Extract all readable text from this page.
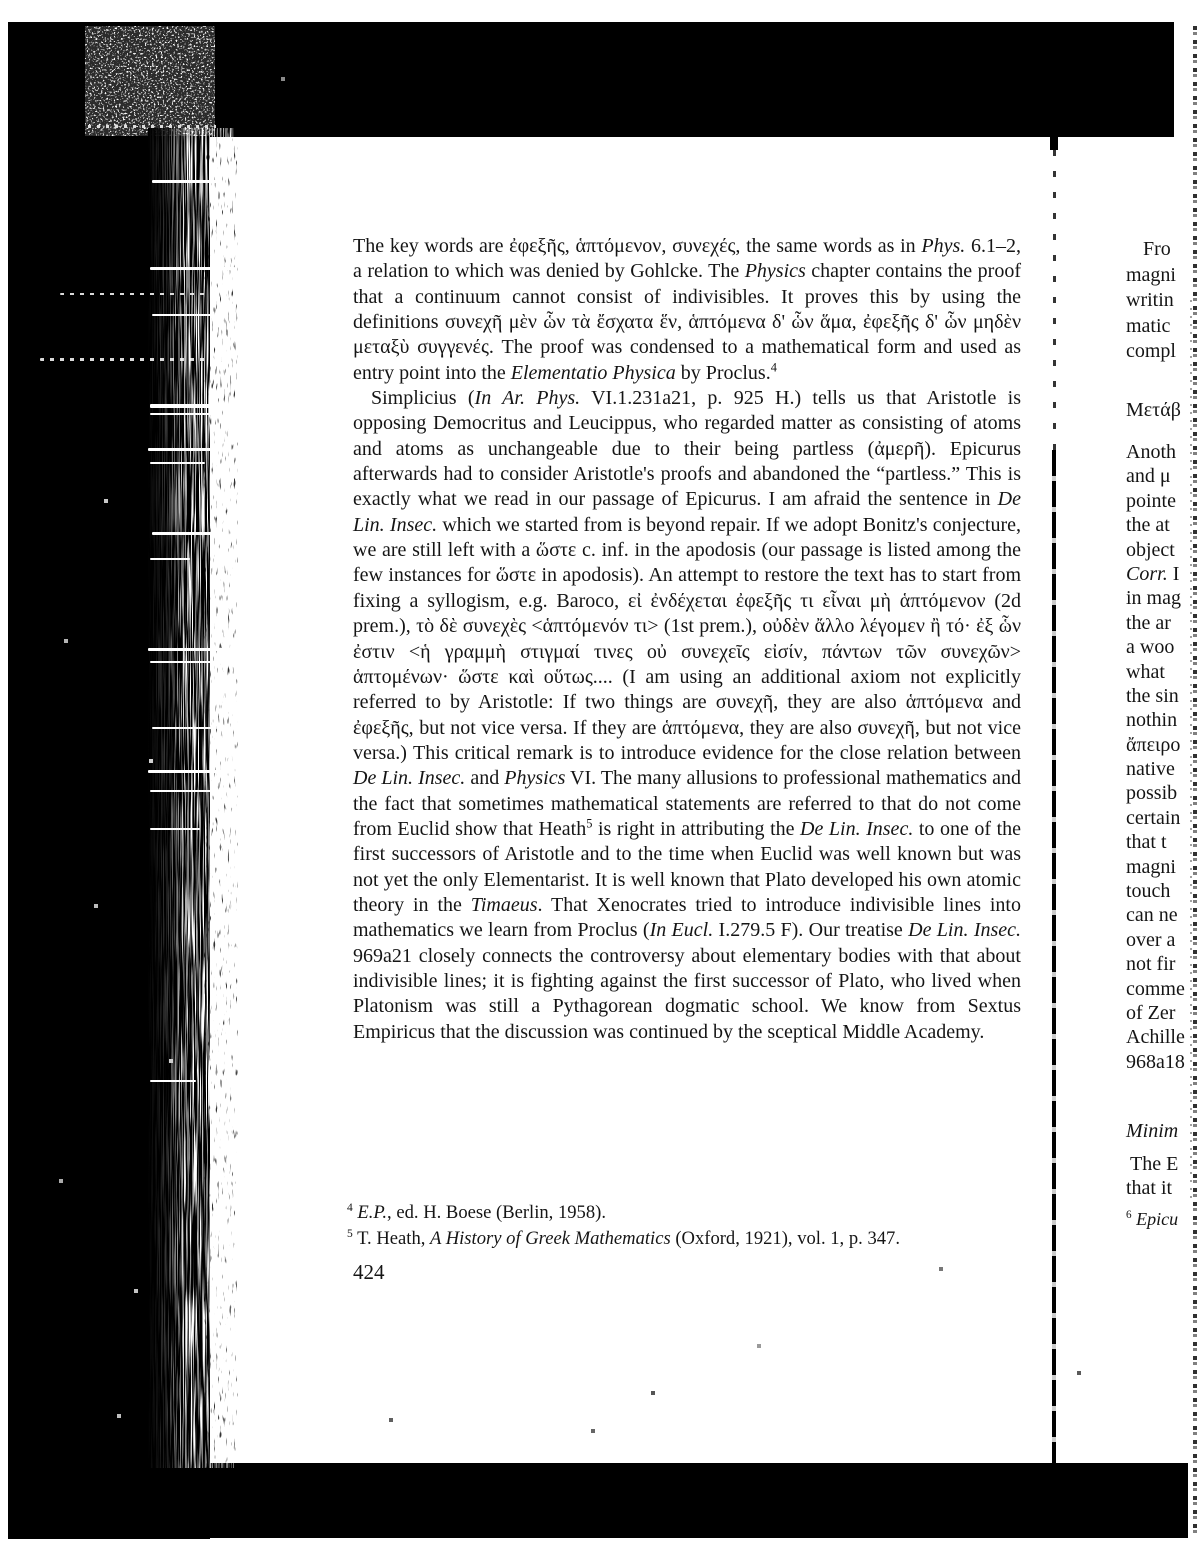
The key words are ἐφεξῆς, ἁπτόμενον, συνεχές, the same words as in Phys. 6.1–2, a relation to which was denied by Gohlcke. The Physics chapter contains the proof that a continuum cannot consist of indivisibles. It proves this by using the definitions συνεχῆ μὲν ὧν τὰ ἔσχατα ἕν, ἁπτόμενα δ' ὧν ἅμα, ἐφεξῆς δ' ὧν μηδὲν μεταξὺ συγγενές. The proof was condensed to a mathematical form and used as entry point into the Elementatio Physica by Proclus.$^4$

Simplicius (In Ar. Phys. VI.1.231a21, p. 925 H.) tells us that Aristotle is opposing Democritus and Leucippus, who regarded matter as consisting of atoms and atoms as unchangeable due to their being partless (ἀμερῆ). Epicurus afterwards had to consider Aristotle's proofs and abandoned the “partless.” This is exactly what we read in our passage of Epicurus. I am afraid the sentence in De Lin. Insec. which we started from is beyond repair. If we adopt Bonitz's conjecture, we are still left with a ὥστε c. inf. in the apodosis (our passage is listed among the few instances for ὥστε in apodosis). An attempt to restore the text has to start from fixing a syllogism, e.g. Baroco, εἰ ἐνδέχεται ἐφεξῆς τι εἶναι μὴ ἁπτόμενον (2d prem.), τὸ δὲ συνεχὲς <ἁπτόμενόν τι> (1st prem.), οὐδὲν ἄλλο λέγομεν ἢ τό· ἐξ ὧν ἐστιν <ἡ γραμμὴ στιγμαί τινες οὐ συνεχεῖς εἰσίν, πάντων τῶν συνεχῶν> ἁπτομένων· ὥστε καὶ οὕτως.... (I am using an additional axiom not explicitly referred to by Aristotle: If two things are συνεχῆ, they are also ἁπτόμενα and ἐφεξῆς, but not vice versa. If they are ἁπτόμενα, they are also συνεχῆ, but not vice versa.) This critical remark is to introduce evidence for the close relation between De Lin. Insec. and Physics VI. The many allusions to professional mathematics and the fact that sometimes mathematical statements are referred to that do not come from Euclid show that Heath$^5$ is right in attributing the De Lin. Insec. to one of the first successors of Aristotle and to the time when Euclid was well known but was not yet the only Elementarist. It is well known that Plato developed his own atomic theory in the Timaeus. That Xenocrates tried to introduce indivisible lines into mathematics we learn from Proclus (In Eucl. I.279.5 F). Our treatise De Lin. Insec. 969a21 closely connects the controversy about elementary bodies with that about indivisible lines; it is fighting against the first successor of Plato, who lived when Platonism was still a Pythagorean dogmatic school. We know from Sextus Empiricus that the discussion was continued by the sceptical Middle Academy.

$^4$ E.P., ed. H. Boese (Berlin, 1958).
$^5$ T. Heath, A History of Greek Mathematics (Oxford, 1921), vol. 1, p. 347.
424
Fro
magni
writin
matic
compl
Μετάβ
Anoth
and μ
pointe
the at
object
Corr. I
in mag
the ar
a woo
what
the sin
nothin
ἄπειρο
native
possib
certain
that t
magni
touch
can ne
over a
not fir
comme
of Zer
Achille
968a18
Minim
The E
that it
$^6$ Epicu
